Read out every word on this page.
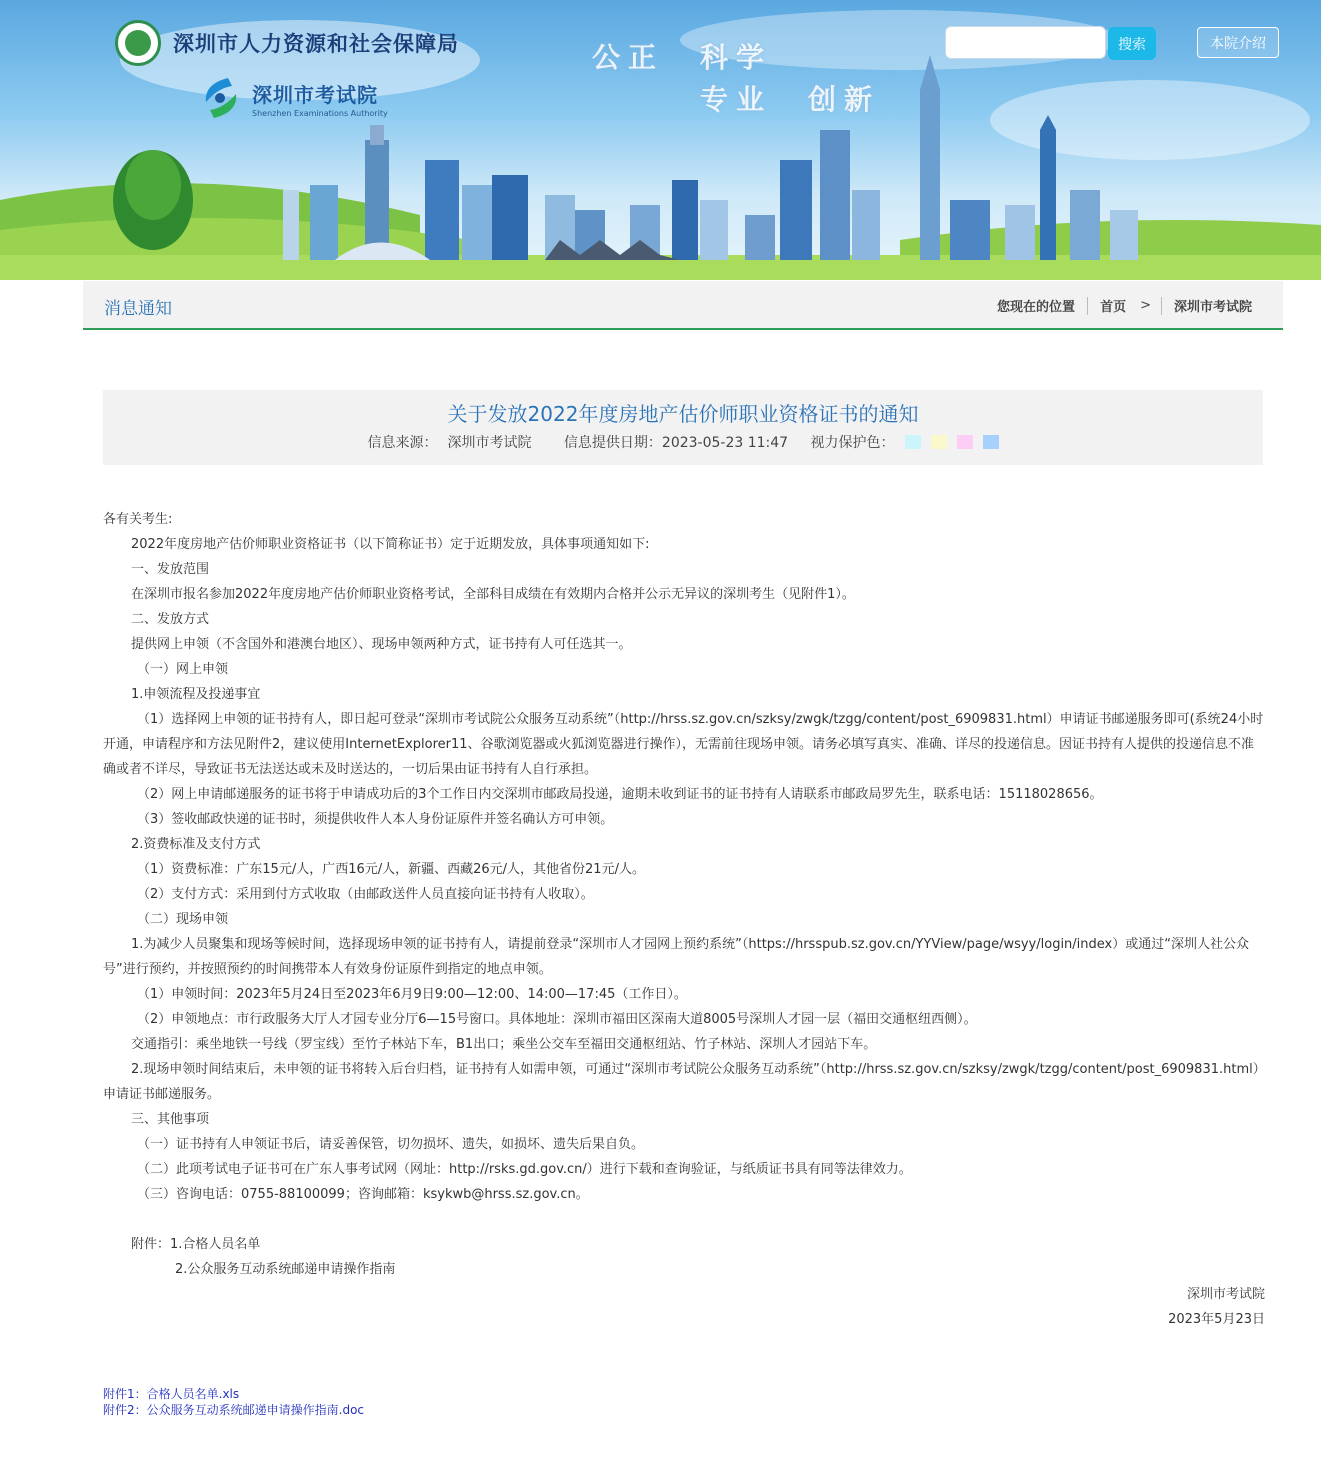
深圳市人力资源和社会保障局
深圳市考试院
Shenzhen Examinations Authority
公正　科学
专业　创新
搜索	本院介绍
消息通知	您现在的位置 首页 > 深圳市考试院
关于发放2022年度房地产估价师职业资格证书的通知
信息来源： 深圳市考试院 信息提供日期：2023-05-23 11:47 视力保护色：

各有关考生:

2022年度房地产估价师职业资格证书（以下简称证书）定于近期发放，具体事项通知如下:

一、发放范围

在深圳市报名参加2022年度房地产估价师职业资格考试，全部科目成绩在有效期内合格并公示无异议的深圳考生（见附件1）。

二、发放方式

提供网上申领（不含国外和港澳台地区）、现场申领两种方式，证书持有人可任选其一。

（一）网上申领

1.申领流程及投递事宜

（1）选择网上申领的证书持有人，即日起可登录“深圳市考试院公众服务互动系统”（http://hrss.sz.gov.cn/szksy/zwgk/tzgg/content/post_6909831.html）申请证书邮递服务即可(系统24小时开通，申请程序和方法见附件2，建议使用InternetExplorer11、谷歌浏览器或火狐浏览器进行操作），无需前往现场申领。请务必填写真实、准确、详尽的投递信息。因证书持有人提供的投递信息不准确或者不详尽，导致证书无法送达或未及时送达的，一切后果由证书持有人自行承担。

（2）网上申请邮递服务的证书将于申请成功后的3个工作日内交深圳市邮政局投递，逾期未收到证书的证书持有人请联系市邮政局罗先生，联系电话：15118028656。

（3）签收邮政快递的证书时，须提供收件人本人身份证原件并签名确认方可申领。

2.资费标准及支付方式

（1）资费标准：广东15元/人，广西16元/人，新疆、西藏26元/人，其他省份21元/人。

（2）支付方式：采用到付方式收取（由邮政送件人员直接向证书持有人收取）。

（二）现场申领

1.为减少人员聚集和现场等候时间，选择现场申领的证书持有人，请提前登录“深圳市人才园网上预约系统”（https://hrsspub.sz.gov.cn/YYView/page/wsyy/login/index）或通过“深圳人社公众号”进行预约，并按照预约的时间携带本人有效身份证原件到指定的地点申领。

（1）申领时间：2023年5月24日至2023年6月9日9:00—12:00、14:00—17:45（工作日）。

（2）申领地点：市行政服务大厅人才园专业分厅6—15号窗口。具体地址：深圳市福田区深南大道8005号深圳人才园一层（福田交通枢纽西侧）。

交通指引：乘坐地铁一号线（罗宝线）至竹子林站下车，B1出口；乘坐公交车至福田交通枢纽站、竹子林站、深圳人才园站下车。

2.现场申领时间结束后，未申领的证书将转入后台归档，证书持有人如需申领，可通过“深圳市考试院公众服务互动系统”（http://hrss.sz.gov.cn/szksy/zwgk/tzgg/content/post_6909831.html）申请证书邮递服务。

三、其他事项

（一）证书持有人申领证书后，请妥善保管，切勿损坏、遗失，如损坏、遗失后果自负。

（二）此项考试电子证书可在广东人事考试网（网址：http://rsks.gd.gov.cn/）进行下载和查询验证，与纸质证书具有同等法律效力。

（三）咨询电话：0755-88100099；咨询邮箱：ksykwb@hrss.sz.gov.cn。

附件：1.合格人员名单

2.公众服务互动系统邮递申请操作指南

深圳市考试院

2023年5月23日

附件1：合格人员名单.xls
附件2：公众服务互动系统邮递申请操作指南.doc
